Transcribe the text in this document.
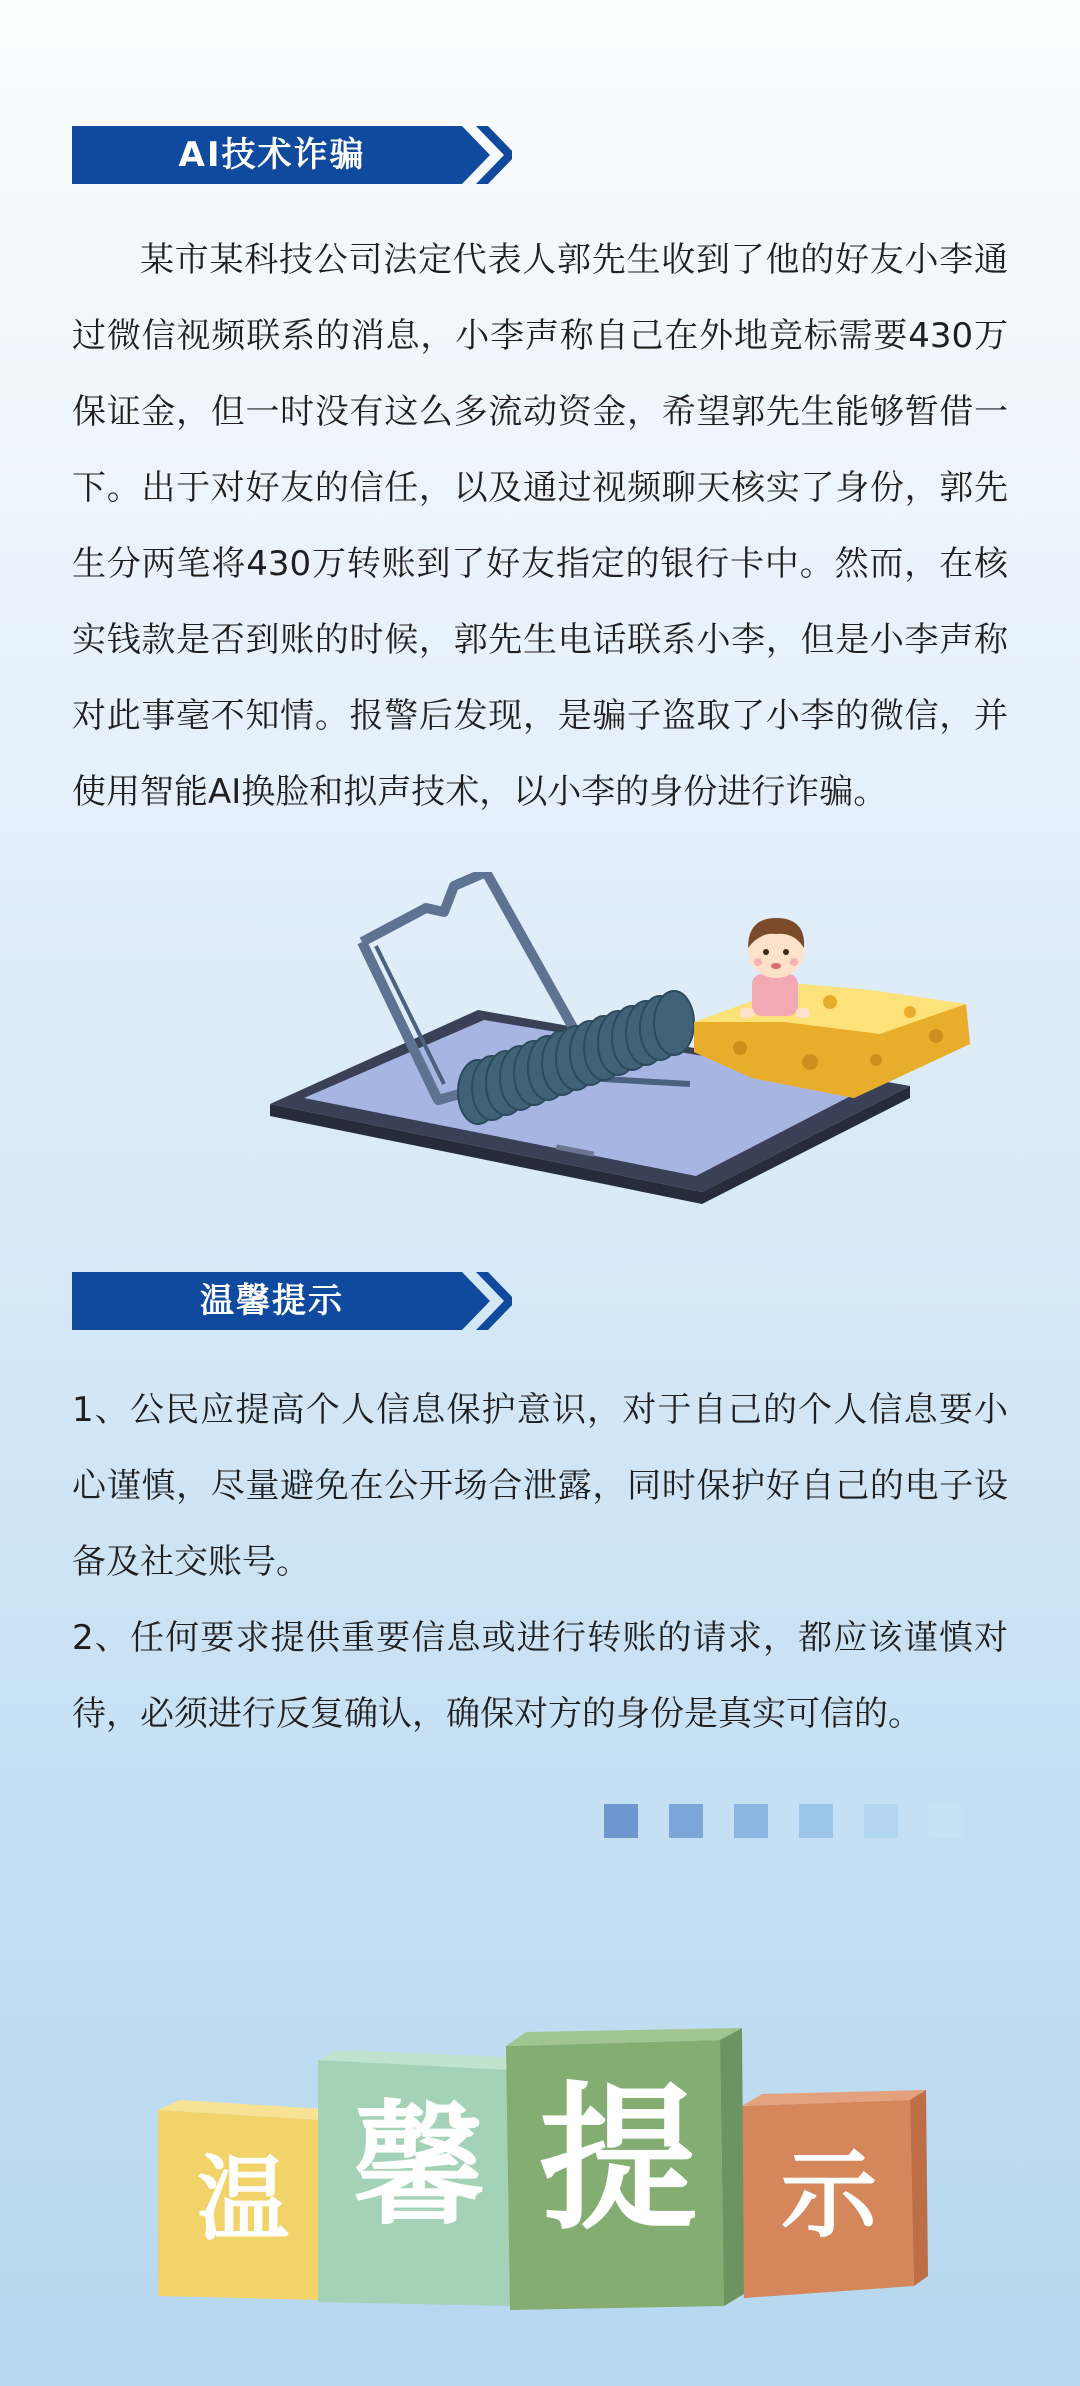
AI技术诈骗
某市某科技公司法定代表人郭先生收到了他的好友小李通过微信视频联系的消息，小李声称自己在外地竞标需要430万保证金，但一时没有这么多流动资金，希望郭先生能够暂借一下。出于对好友的信任，以及通过视频聊天核实了身份，郭先生分两笔将430万转账到了好友指定的银行卡中。然而，在核实钱款是否到账的时候，郭先生电话联系小李，但是小李声称对此事毫不知情。报警后发现，是骗子盗取了小李的微信，并使用智能AI换脸和拟声技术，以小李的身份进行诈骗。
温馨提示

1、公民应提高个人信息保护意识，对于自己的个人信息要小心谨慎，尽量避免在公开场合泄露，同时保护好自己的电子设备及社交账号。

2、任何要求提供重要信息或进行转账的请求，都应该谨慎对待，必须进行反复确认，确保对方的身份是真实可信的。

温 馨 提 示
